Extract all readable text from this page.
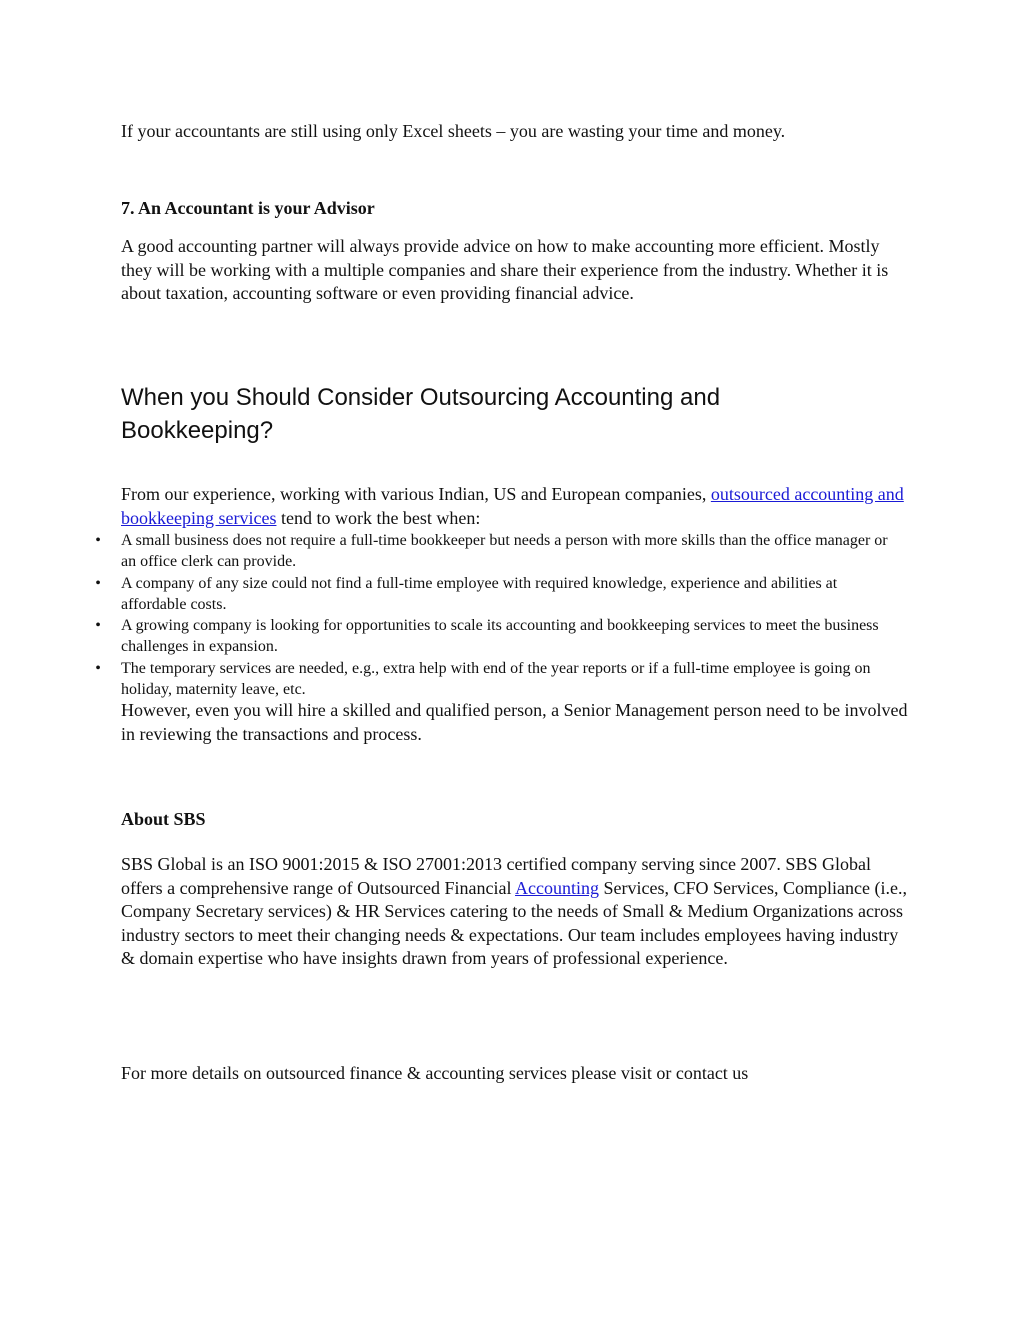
If your accountants are still using only Excel sheets – you are wasting your time and money.
7. An Accountant is your Advisor
A good accounting partner will always provide advice on how to make accounting more efficient. Mostly they will be working with a multiple companies and share their experience from the industry. Whether it is about taxation, accounting software or even providing financial advice.
When you Should Consider Outsourcing Accounting and Bookkeeping?
From our experience, working with various Indian, US and European companies, outsourced accounting and bookkeeping services tend to work the best when:
•	A small business does not require a full-time bookkeeper but needs a person with more skills than the office manager or an office clerk can provide.
•	A company of any size could not find a full-time employee with required knowledge, experience and abilities at affordable costs.
•	A growing company is looking for opportunities to scale its accounting and bookkeeping services to meet the business challenges in expansion.
•	The temporary services are needed, e.g., extra help with end of the year reports or if a full-time employee is going on holiday, maternity leave, etc.
However, even you will hire a skilled and qualified person, a Senior Management person need to be involved in reviewing the transactions and process.
About SBS
SBS Global is an ISO 9001:2015 & ISO 27001:2013 certified company serving since 2007. SBS Global offers a comprehensive range of Outsourced Financial Accounting Services, CFO Services, Compliance (i.e., Company Secretary services) & HR Services catering to the needs of Small & Medium Organizations across industry sectors to meet their changing needs & expectations. Our team includes employees having industry & domain expertise who have insights drawn from years of professional experience.
For more details on outsourced finance & accounting services please visit or contact us
